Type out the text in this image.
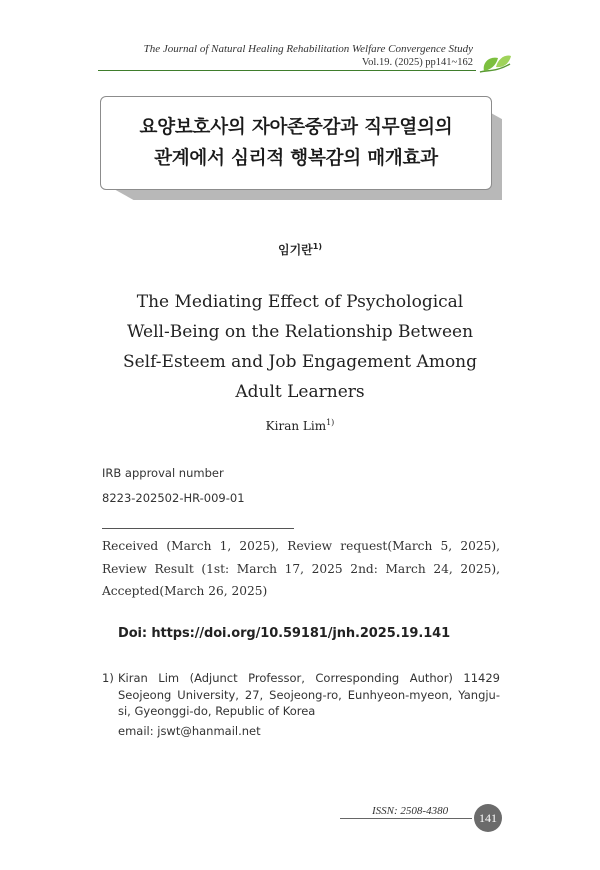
The Journal of Natural Healing Rehabilitation Welfare Convergence Study
Vol.19. (2025) pp141~162
요양보호사의 자아존중감과 직무열의의
관계에서 심리적 행복감의 매개효과
임기란$^{1)}$
The Mediating Effect of Psychological
Well-Being on the Relationship Between
Self-Esteem and Job Engagement Among
Adult Learners
Kiran Lim$^{1)}$
IRB approval number
8223-202502-HR-009-01
Received (March 1, 2025), Review request(March 5, 2025), Review Result (1st: March 17, 2025 2nd: March 24, 2025), Accepted(March 26, 2025)
Doi: https://doi.org/10.59181/jnh.2025.19.141
1) Kiran Lim (Adjunct Professor, Corresponding Author) 11429 Seojeong University, 27, Seojeong-ro, Eunhyeon-myeon, Yangju-si, Gyeonggi-do, Republic of Korea
email: jswt@hanmail.net
ISSN: 2508-4380	141
